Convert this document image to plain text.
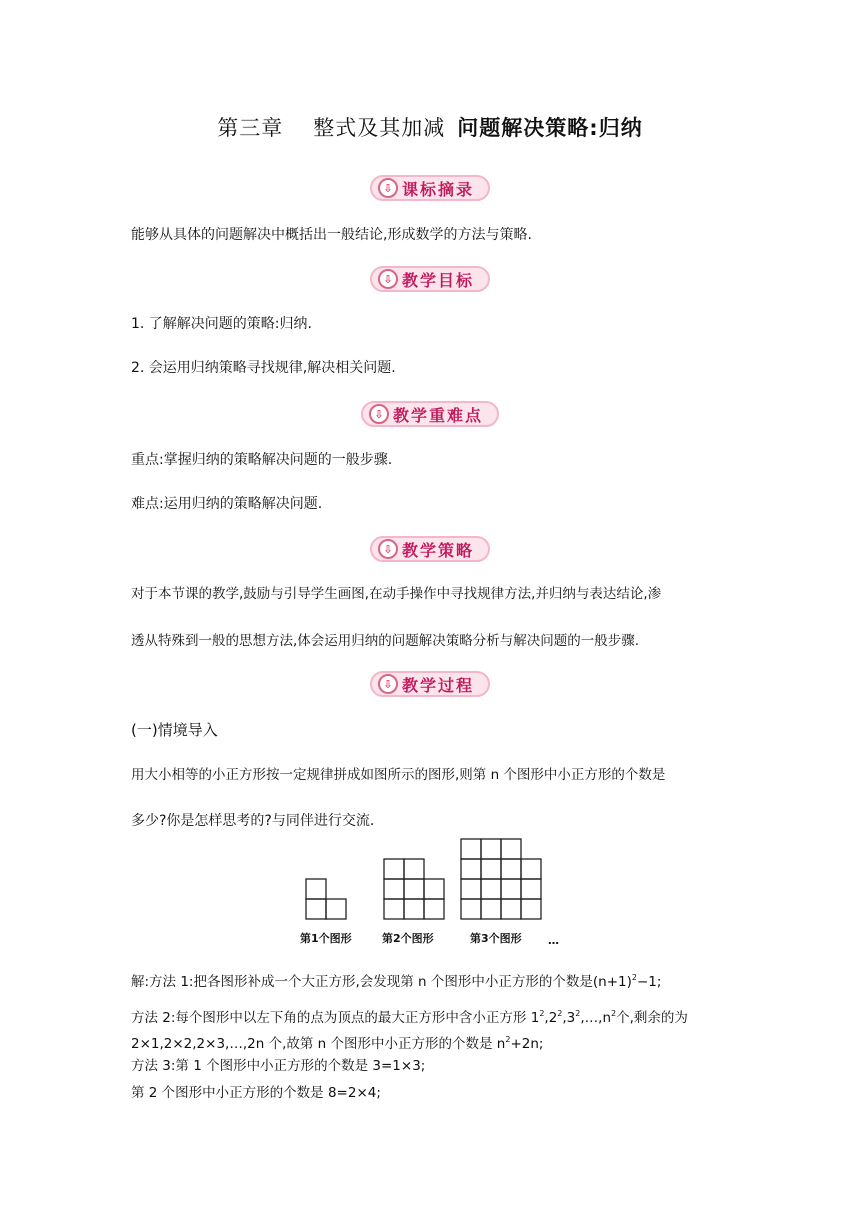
第三章 整式及其加减 问题解决策略:归纳
⇩ 课标摘录
能够从具体的问题解决中概括出一般结论,形成数学的方法与策略.
⇩ 教学目标
1. 了解解决问题的策略:归纳.
2. 会运用归纳策略寻找规律,解决相关问题.
⇩ 教学重难点
重点:掌握归纳的策略解决问题的一般步骤.
难点:运用归纳的策略解决问题.
⇩ 教学策略
对于本节课的教学,鼓励与引导学生画图,在动手操作中寻找规律方法,并归纳与表达结论,渗
透从特殊到一般的思想方法,体会运用归纳的问题解决策略分析与解决问题的一般步骤.
⇩ 教学过程
(一)情境导入
用大小相等的小正方形按一定规律拼成如图所示的图形,则第 n 个图形中小正方形的个数是
多少?你是怎样思考的?与同伴进行交流.
第1个图形	第2个图形	第3个图形 …
解:方法 1:把各图形补成一个大正方形,会发现第 n 个图形中小正方形的个数是$(n+1)^2-1$;
方法 2:每个图形中以左下角的点为顶点的最大正方形中含小正方形 $1^2,2^2,3^2,\dots,n^2$个,剩余的为
2×1,2×2,2×3,…,2n 个,故第 n 个图形中小正方形的个数是 $n^2+2n$;
方法 3:第 1 个图形中小正方形的个数是 3=1×3;
第 2 个图形中小正方形的个数是 8=2×4;
